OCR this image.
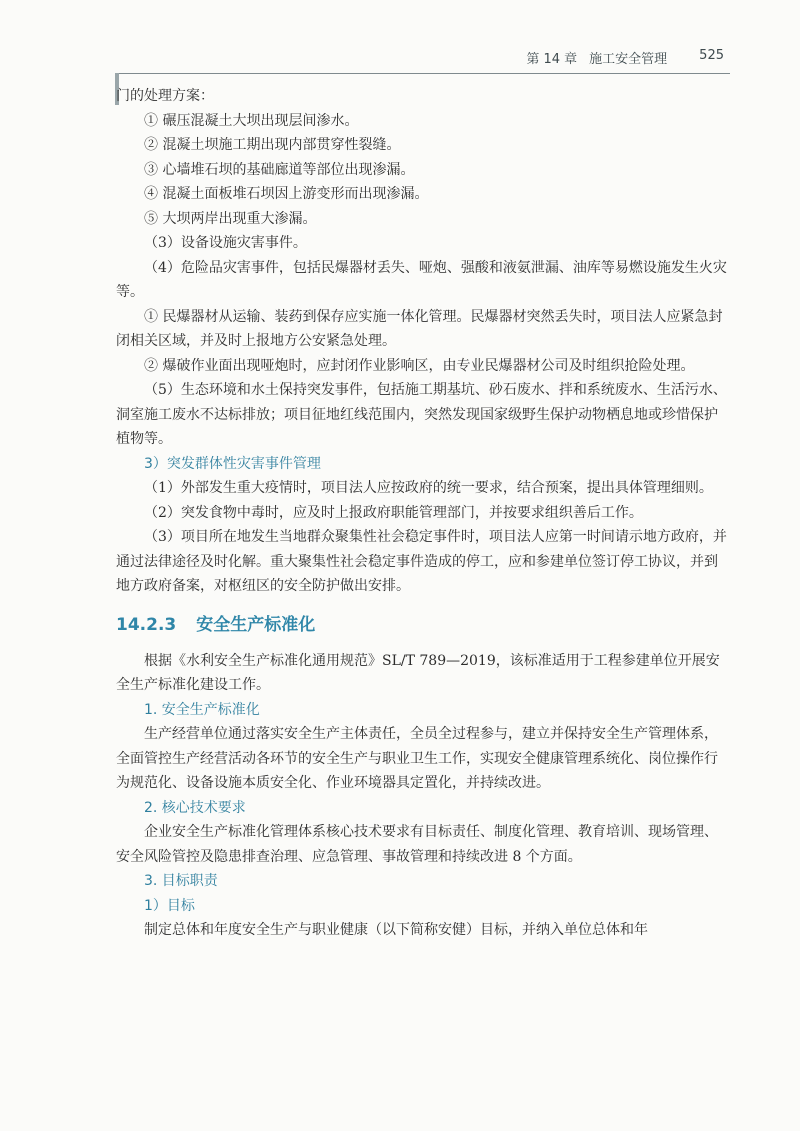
第 14 章 施工安全管理 525

门的处理方案：

① 碾压混凝土大坝出现层间渗水。

② 混凝土坝施工期出现内部贯穿性裂缝。

③ 心墙堆石坝的基础廊道等部位出现渗漏。

④ 混凝土面板堆石坝因上游变形而出现渗漏。

⑤ 大坝两岸出现重大渗漏。

（3）设备设施灾害事件。

（4）危险品灾害事件，包括民爆器材丢失、哑炮、强酸和液氨泄漏、油库等易燃设施发生火灾等。

① 民爆器材从运输、装药到保存应实施一体化管理。民爆器材突然丢失时，项目法人应紧急封闭相关区域，并及时上报地方公安紧急处理。

② 爆破作业面出现哑炮时，应封闭作业影响区，由专业民爆器材公司及时组织抢险处理。

（5）生态环境和水土保持突发事件，包括施工期基坑、砂石废水、拌和系统废水、生活污水、洞室施工废水不达标排放；项目征地红线范围内，突然发现国家级野生保护动物栖息地或珍惜保护植物等。

3）突发群体性灾害事件管理

（1）外部发生重大疫情时，项目法人应按政府的统一要求，结合预案，提出具体管理细则。

（2）突发食物中毒时，应及时上报政府职能管理部门，并按要求组织善后工作。

（3）项目所在地发生当地群众聚集性社会稳定事件时，项目法人应第一时间请示地方政府，并通过法律途径及时化解。重大聚集性社会稳定事件造成的停工，应和参建单位签订停工协议，并到地方政府备案，对枢纽区的安全防护做出安排。

14.2.3 安全生产标准化

根据《水利安全生产标准化通用规范》SL/T 789—2019，该标准适用于工程参建单位开展安全生产标准化建设工作。

1. 安全生产标准化

生产经营单位通过落实安全生产主体责任，全员全过程参与，建立并保持安全生产管理体系，全面管控生产经营活动各环节的安全生产与职业卫生工作，实现安全健康管理系统化、岗位操作行为规范化、设备设施本质安全化、作业环境器具定置化，并持续改进。

2. 核心技术要求

企业安全生产标准化管理体系核心技术要求有目标责任、制度化管理、教育培训、现场管理、安全风险管控及隐患排查治理、应急管理、事故管理和持续改进 8 个方面。

3. 目标职责

1）目标

制定总体和年度安全生产与职业健康（以下简称安健）目标，并纳入单位总体和年
